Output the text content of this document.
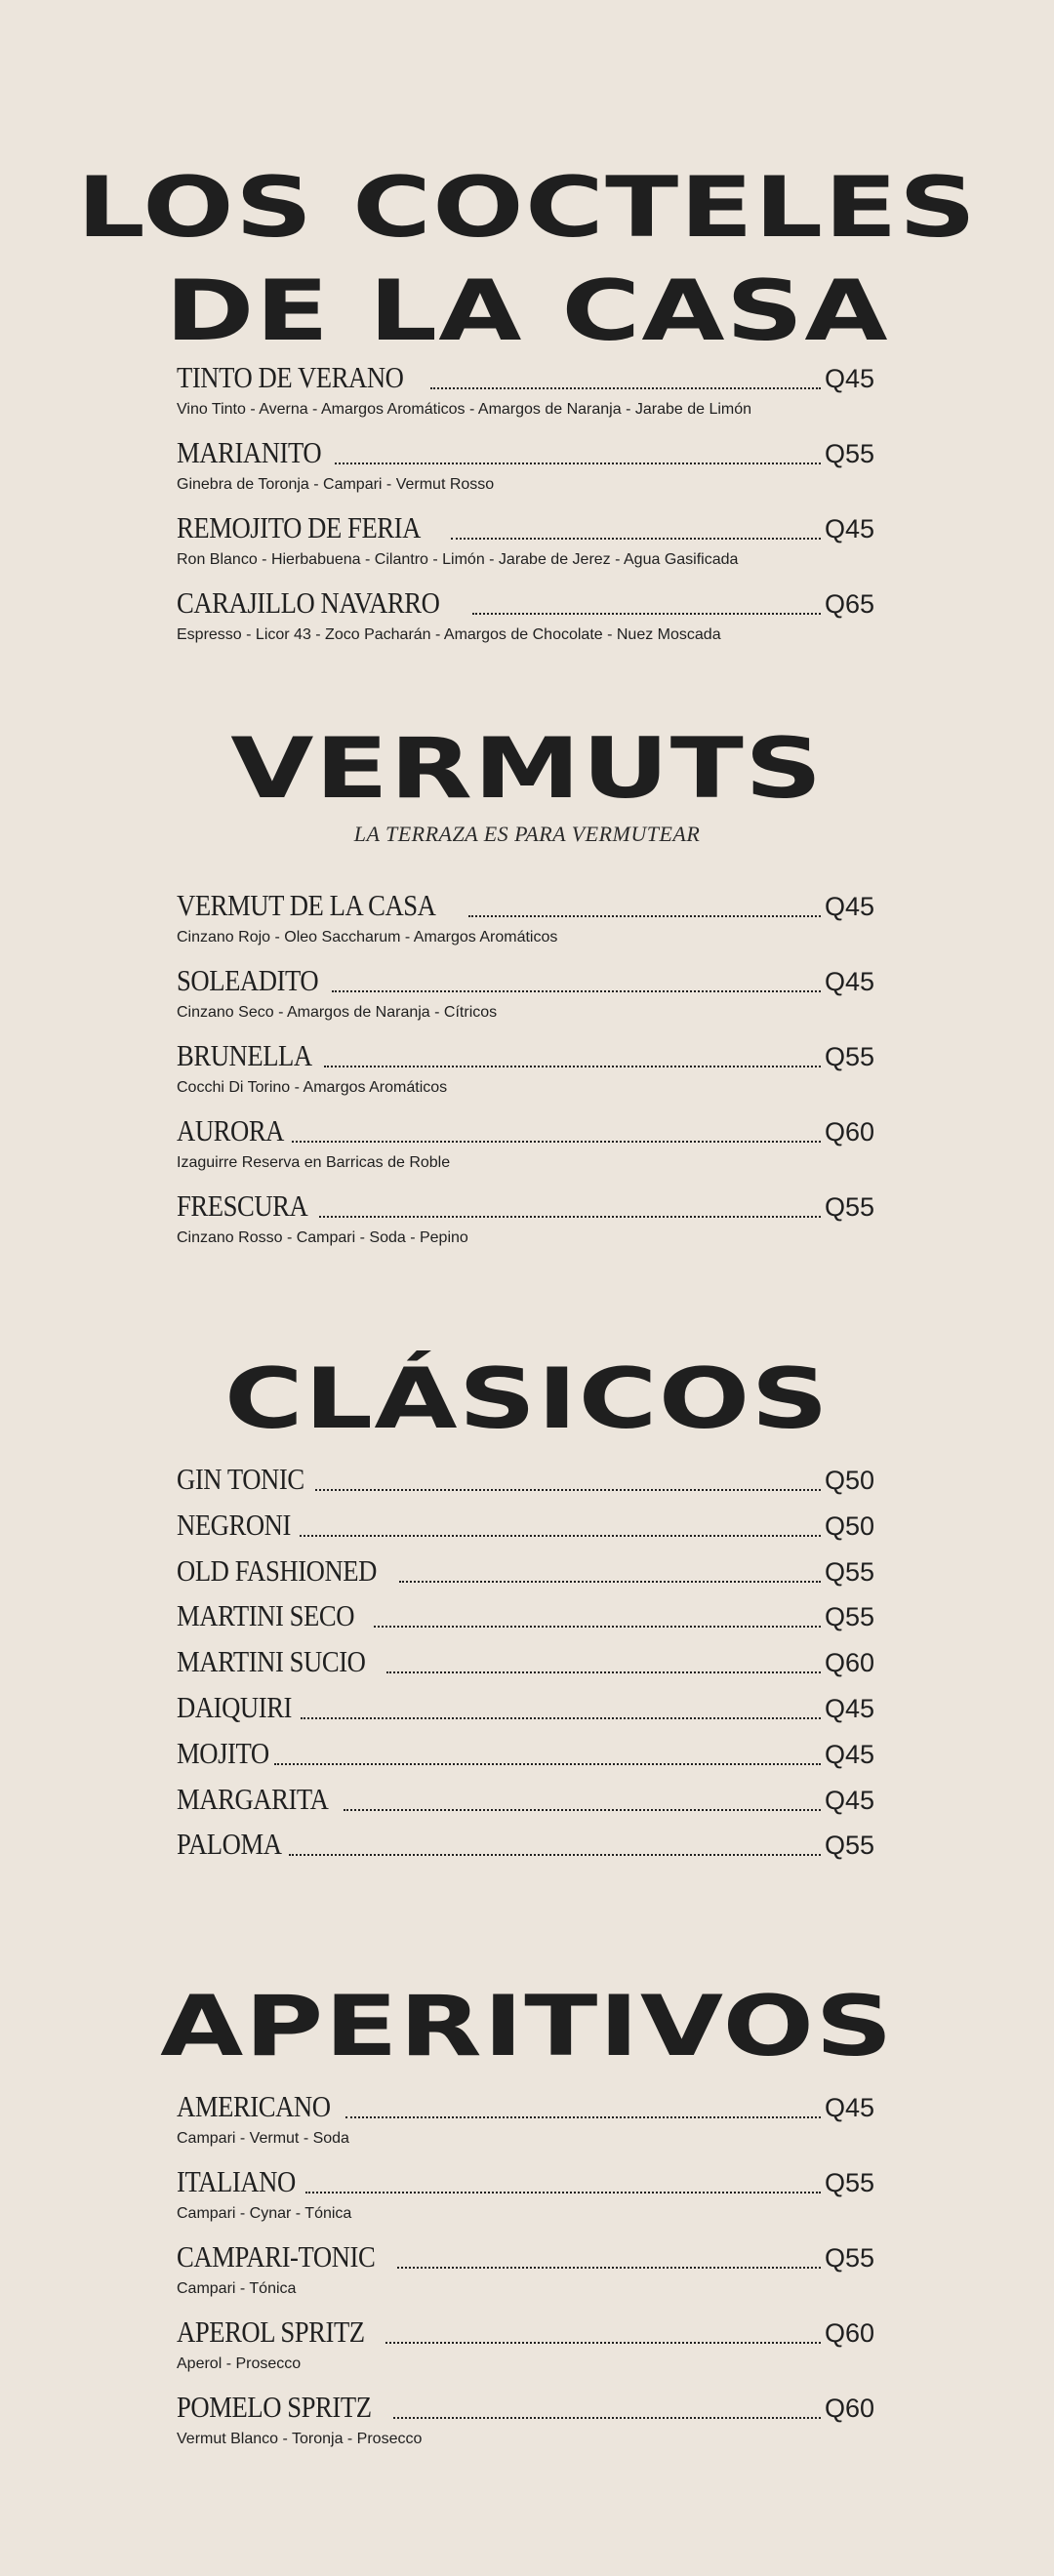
LOS COCTELES
DE LA CASA
TINTO DE VERANO	Q45
Vino Tinto - Averna - Amargos Aromáticos - Amargos de Naranja - Jarabe de Limón
MARIANITO	Q55
Ginebra de Toronja - Campari - Vermut Rosso
REMOJITO DE FERIA	Q45
Ron Blanco - Hierbabuena - Cilantro - Limón - Jarabe de Jerez - Agua Gasificada
CARAJILLO NAVARRO	Q65
Espresso - Licor 43 - Zoco Pacharán - Amargos de Chocolate - Nuez Moscada
VERMUTS

LA TERRAZA ES PARA VERMUTEAR

VERMUT DE LA CASA	Q45
Cinzano Rojo - Oleo Saccharum - Amargos Aromáticos
SOLEADITO	Q45
Cinzano Seco - Amargos de Naranja - Cítricos
BRUNELLA	Q55
Cocchi Di Torino - Amargos Aromáticos
AURORA	Q60
Izaguirre Reserva en Barricas de Roble
FRESCURA	Q55
Cinzano Rosso - Campari - Soda - Pepino
CLÁSICOS
GIN TONIC	Q50
NEGRONI	Q50
OLD FASHIONED	Q55
MARTINI SECO	Q55
MARTINI SUCIO	Q60
DAIQUIRI	Q45
MOJITO	Q45
MARGARITA	Q45
PALOMA	Q55
APERITIVOS
AMERICANO	Q45
Campari - Vermut - Soda
ITALIANO	Q55
Campari - Cynar - Tónica
CAMPARI-TONIC	Q55
Campari - Tónica
APEROL SPRITZ	Q60
Aperol - Prosecco
POMELO SPRITZ	Q60
Vermut Blanco - Toronja - Prosecco
